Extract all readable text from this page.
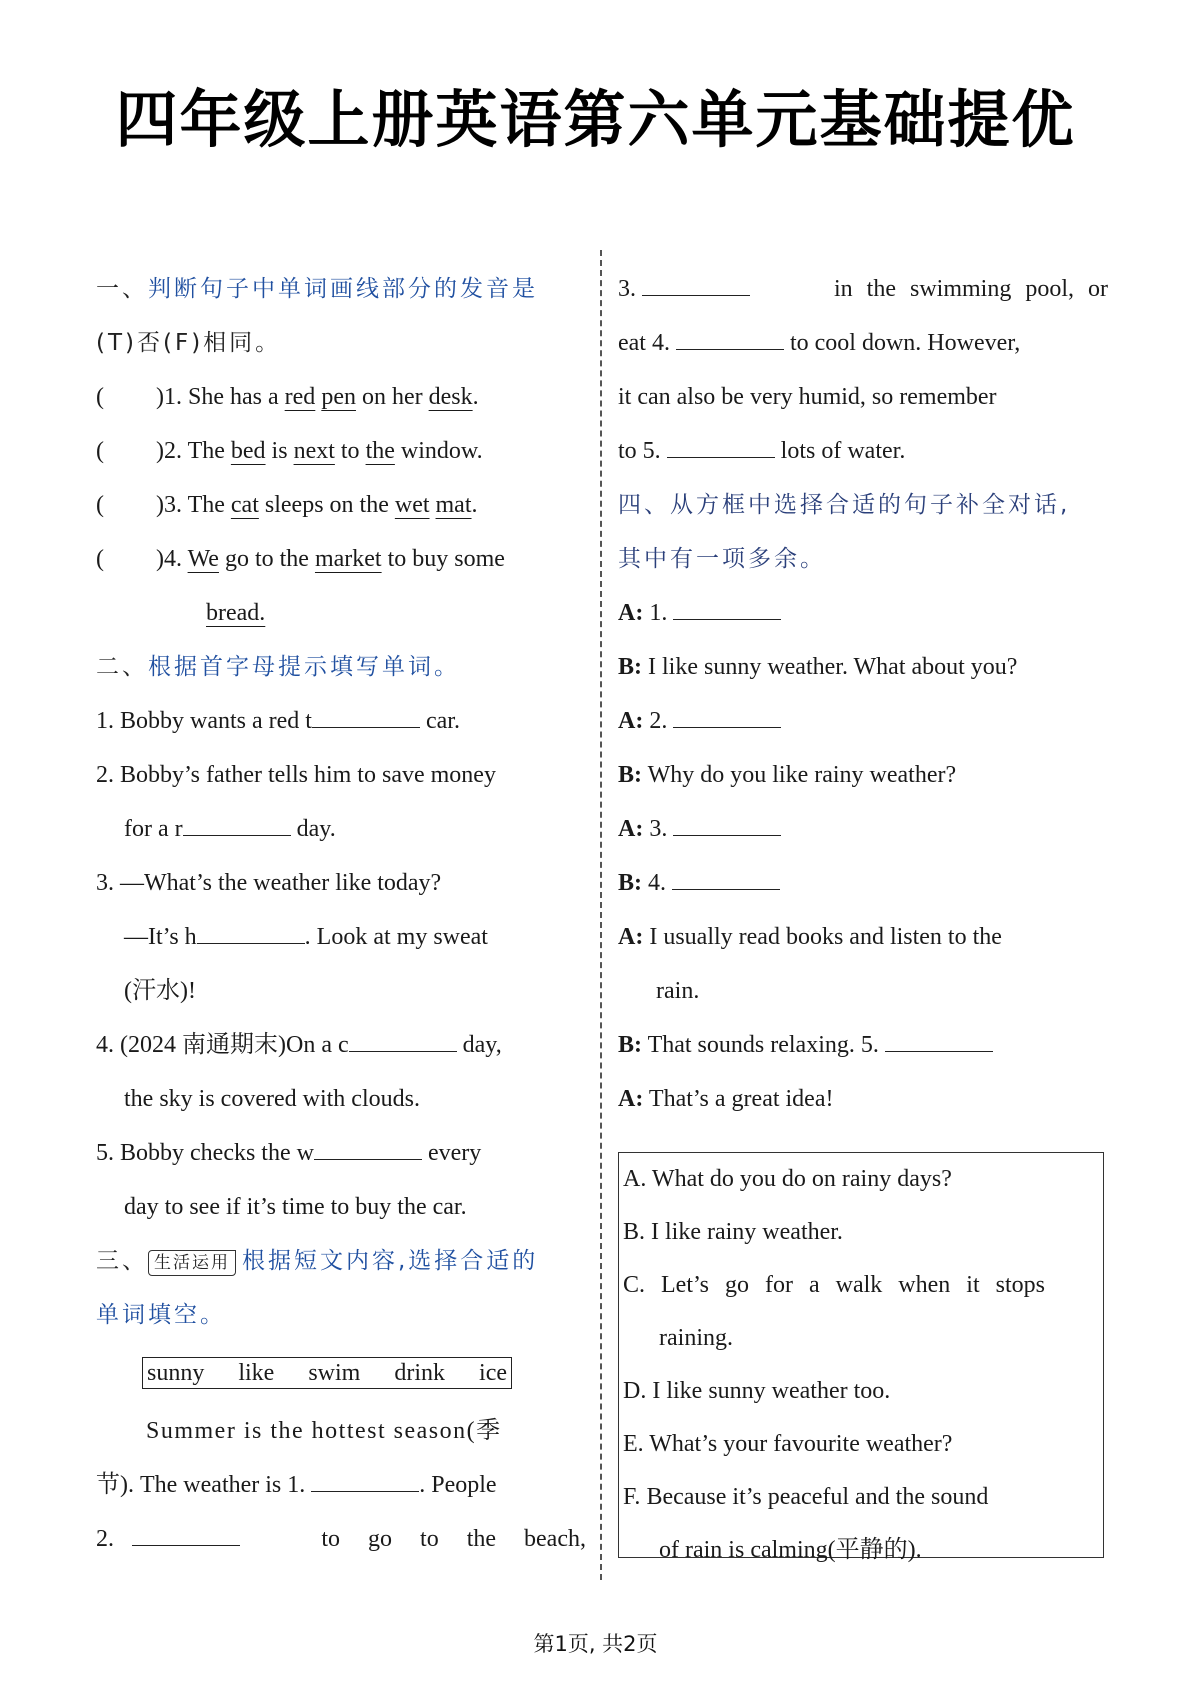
四年级上册英语第六单元基础提优
一、判断句子中单词画线部分的发音是
(T)否(F)相同。
( )1. She has a red pen on her desk.
( )2. The bed is next to the window.
( )3. The cat sleeps on the wet mat.
( )4. We go to the market to buy some
bread.
二、根据首字母提示填写单词。
1. Bobby wants a red t	car.
2. Bobby’s father tells him to save money
for a r	day.
3. —What’s the weather like today?
—It’s h	. Look at my sweat
(汗水)!
4. (2024 南通期末)On a c	day,
the sky is covered with clouds.
5. Bobby checks the w	every
day to see if it’s time to buy the car.
三、 生活运用 根据短文内容,选择合适的
单词填空。
sunny like swim drink ice
Summer is the hottest season(季
节). The weather is 1.	. People
2.	to go to the beach,
3.	in the swimming pool, or
eat 4.	to cool down. However,
it can also be very humid, so remember
to 5.	lots of water.
四、从方框中选择合适的句子补全对话,
其中有一项多余。
A: 1.
B: I like sunny weather. What about you?
A: 2.
B: Why do you like rainy weather?
A: 3.
B: 4.
A: I usually read books and listen to the
rain.
B: That sounds relaxing. 5.
A: That’s a great idea!
A. What do you do on rainy days?
B. I like rainy weather.
C. Let’s go for a walk when it stops
raining.
D. I like sunny weather too.
E. What’s your favourite weather?
F. Because it’s peaceful and the sound
of rain is calming(平静的).
第1页, 共2页
